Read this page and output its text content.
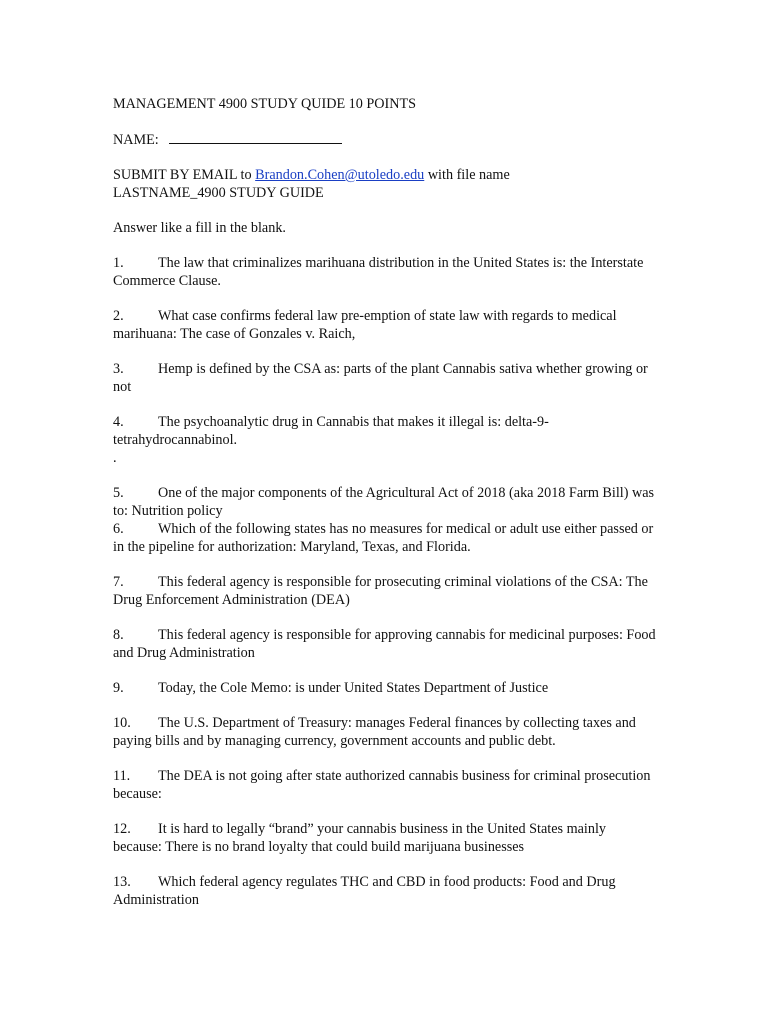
MANAGEMENT 4900 STUDY QUIDE 10 POINTS

NAME:

SUBMIT BY EMAIL to Brandon.Cohen@utoledo.edu with file name
LASTNAME_4900 STUDY GUIDE

Answer like a fill in the blank.

1. The law that criminalizes marihuana distribution in the United States is: the Interstate Commerce Clause.

2. What case confirms federal law pre-emption of state law with regards to medical marihuana: The case of Gonzales v. Raich,

3. Hemp is defined by the CSA as: parts of the plant Cannabis sativa whether growing or not

4. The psychoanalytic drug in Cannabis that makes it illegal is: delta-9-tetrahydrocannabinol.

.

5. One of the major components of the Agricultural Act of 2018 (aka 2018 Farm Bill) was to: Nutrition policy

6. Which of the following states has no measures for medical or adult use either passed or in the pipeline for authorization: Maryland, Texas, and Florida.

7. This federal agency is responsible for prosecuting criminal violations of the CSA: The Drug Enforcement Administration (DEA)

8. This federal agency is responsible for approving cannabis for medicinal purposes: Food and Drug Administration

9. Today, the Cole Memo: is under United States Department of Justice

10. The U.S. Department of Treasury: manages Federal finances by collecting taxes and paying bills and by managing currency, government accounts and public debt.

11. The DEA is not going after state authorized cannabis business for criminal prosecution because:

12. It is hard to legally “brand” your cannabis business in the United States mainly because: There is no brand loyalty that could build marijuana businesses

13. Which federal agency regulates THC and CBD in food products: Food and Drug Administration
